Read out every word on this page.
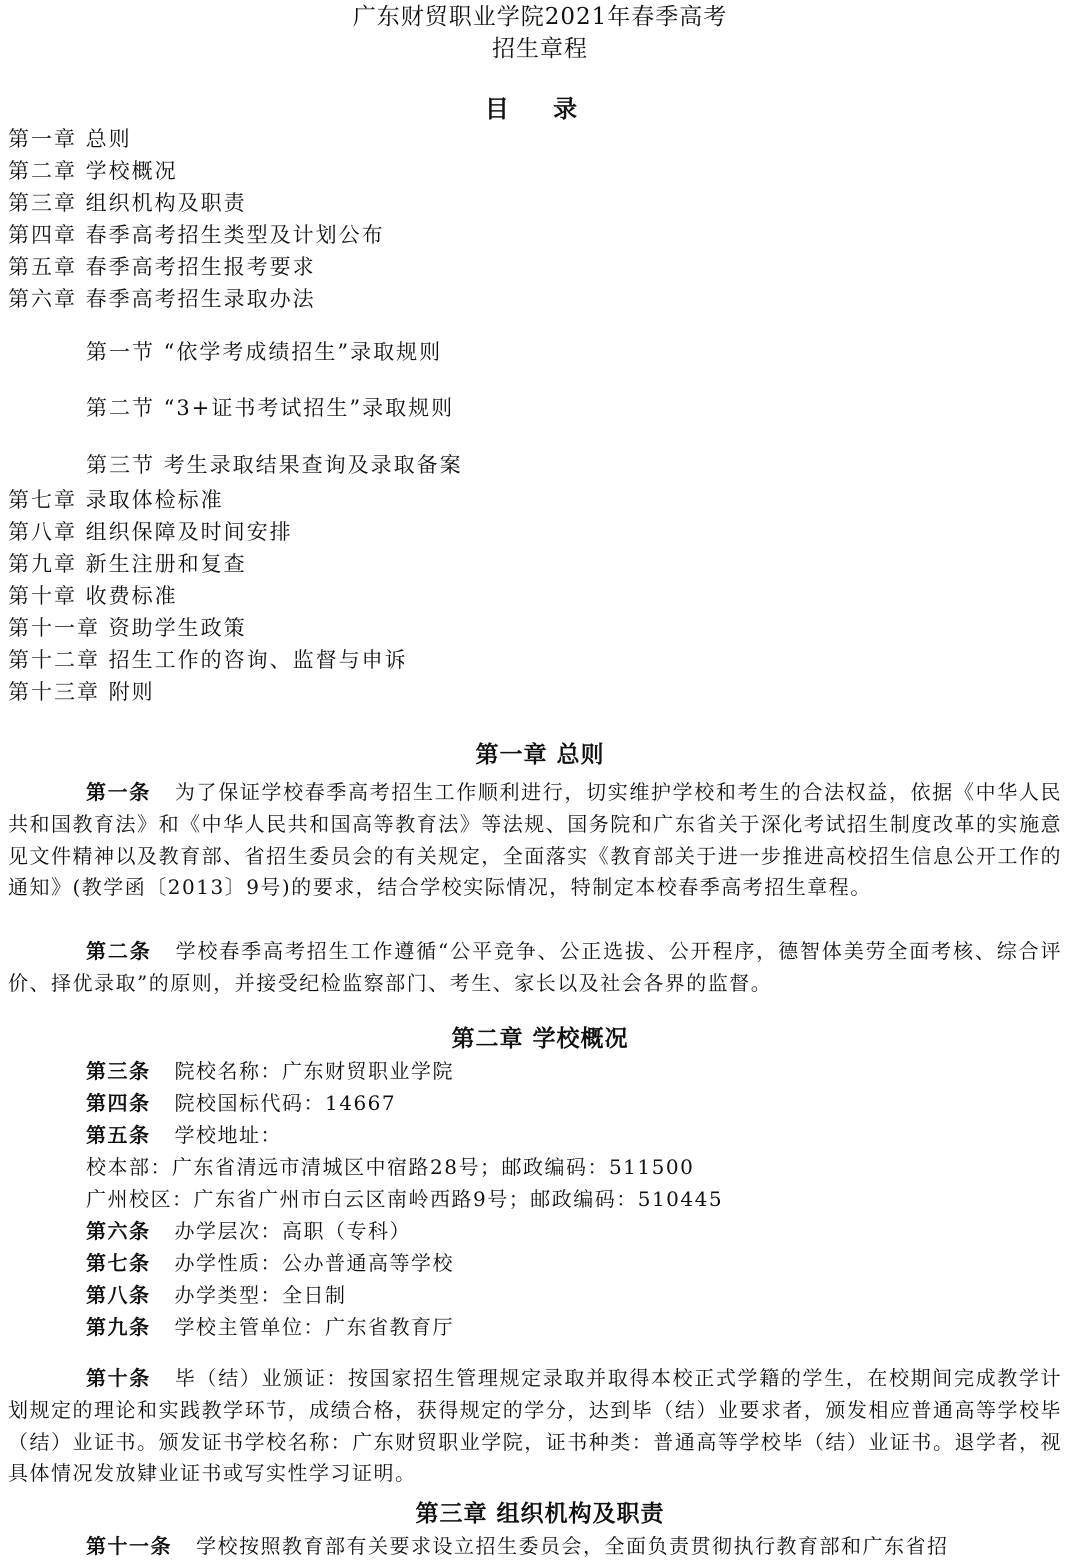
广东财贸职业学院2021年春季高考
招生章程
目 录
第一章 总则
第二章 学校概况
第三章 组织机构及职责
第四章 春季高考招生类型及计划公布
第五章 春季高考招生报考要求
第六章 春季高考招生录取办法
第一节 “依学考成绩招生”录取规则
第二节 “3+证书考试招生”录取规则
第三节 考生录取结果查询及录取备案
第七章 录取体检标准
第八章 组织保障及时间安排
第九章 新生注册和复查
第十章 收费标准
第十一章 资助学生政策
第十二章 招生工作的咨询、监督与申诉
第十三章 附则
第一章 总则

第一条 为了保证学校春季高考招生工作顺利进行，切实维护学校和考生的合法权益，依据《中华人民共和国教育法》和《中华人民共和国高等教育法》等法规、国务院和广东省关于深化考试招生制度改革的实施意见文件精神以及教育部、省招生委员会的有关规定，全面落实《教育部关于进一步推进高校招生信息公开工作的通知》(教学函〔2013〕9号)的要求，结合学校实际情况，特制定本校春季高考招生章程。

第二条 学校春季高考招生工作遵循“公平竞争、公正选拔、公开程序，德智体美劳全面考核、综合评价、择优录取”的原则，并接受纪检监察部门、考生、家长以及社会各界的监督。

第二章 学校概况
第三条 院校名称：广东财贸职业学院
第四条 院校国标代码：14667
第五条 学校地址：
校本部：广东省清远市清城区中宿路28号；邮政编码：511500
广州校区：广东省广州市白云区南岭西路9号；邮政编码：510445
第六条 办学层次：高职（专科）
第七条 办学性质：公办普通高等学校
第八条 办学类型：全日制
第九条 学校主管单位：广东省教育厅

第十条 毕（结）业颁证：按国家招生管理规定录取并取得本校正式学籍的学生，在校期间完成教学计划规定的理论和实践教学环节，成绩合格，获得规定的学分，达到毕（结）业要求者，颁发相应普通高等学校毕（结）业证书。颁发证书学校名称：广东财贸职业学院，证书种类：普通高等学校毕（结）业证书。退学者，视具体情况发放肄业证书或写实性学习证明。

第三章 组织机构及职责
第十一条 学校按照教育部有关要求设立招生委员会，全面负责贯彻执行教育部和广东省招
